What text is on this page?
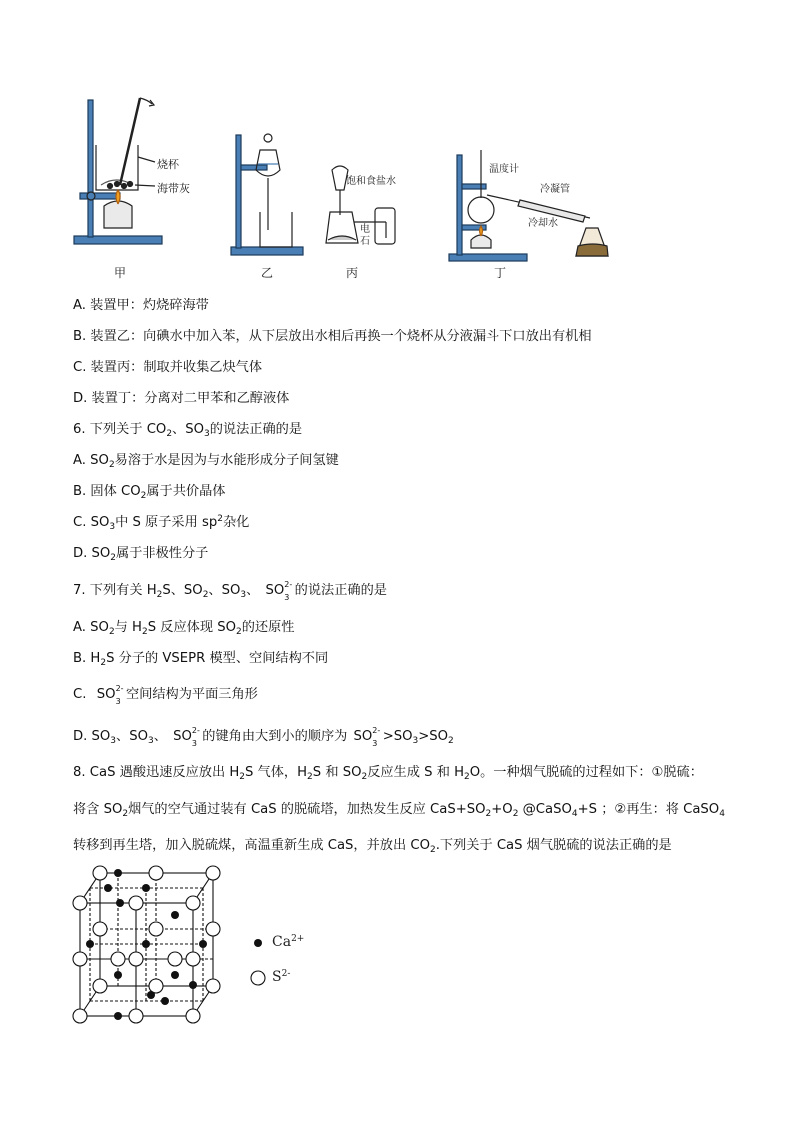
烧杯
海带灰
甲	乙
饱和食盐水
电
石
丙
温度计
冷凝管
冷却水
丁
A. 装置甲：灼烧碎海带
B. 装置乙：向碘水中加入苯，从下层放出水相后再换一个烧杯从分液漏斗下口放出有机相
C. 装置丙：制取并收集乙炔气体
D. 装置丁：分离对二甲苯和乙醇液体
6. 下列关于 $CO_2$、$SO_3$的说法正确的是
A. $SO_2$易溶于水是因为与水能形成分子间氢键
B. 固体 $CO_2$属于共价晶体
C. $SO_3$中 S 原子采用 $sp^2$杂化
D. $SO_2$属于非极性分子
7. 下列有关 $H_2S$、$SO_2$、$SO_3$、 SO 2-
3 的说法正确的是
A. $SO_2$与 $H_2S$ 反应体现 $SO_2$的还原性
B. $H_2S$ 分子的 VSEPR 模型、空间结构不同
C. SO 2-
3 空间结构为平面三角形
D. $SO_3$、$SO_3$、 SO 2-
3 的键角由大到小的顺序为 SO 2-
$3 >SO_3>SO_2$
8. CaS 遇酸迅速反应放出 $H_2S$ 气体，$H_2S$ 和 $SO_2$反应生成 S 和 $H_2O$。一种烟气脱硫的过程如下：①脱硫：
将含 $SO_2$烟气的空气通过装有 CaS 的脱硫塔，加热发生反应 $CaS+SO_2+O_2$ @CaSO$_4$+S ；②再生：将 CaSO$_4$
转移到再生塔，加入脱硫煤，高温重新生成 CaS，并放出 $CO_2$.下列关于 CaS 烟气脱硫的说法正确的是
$Ca^{2+}$
$S^{2-}$
